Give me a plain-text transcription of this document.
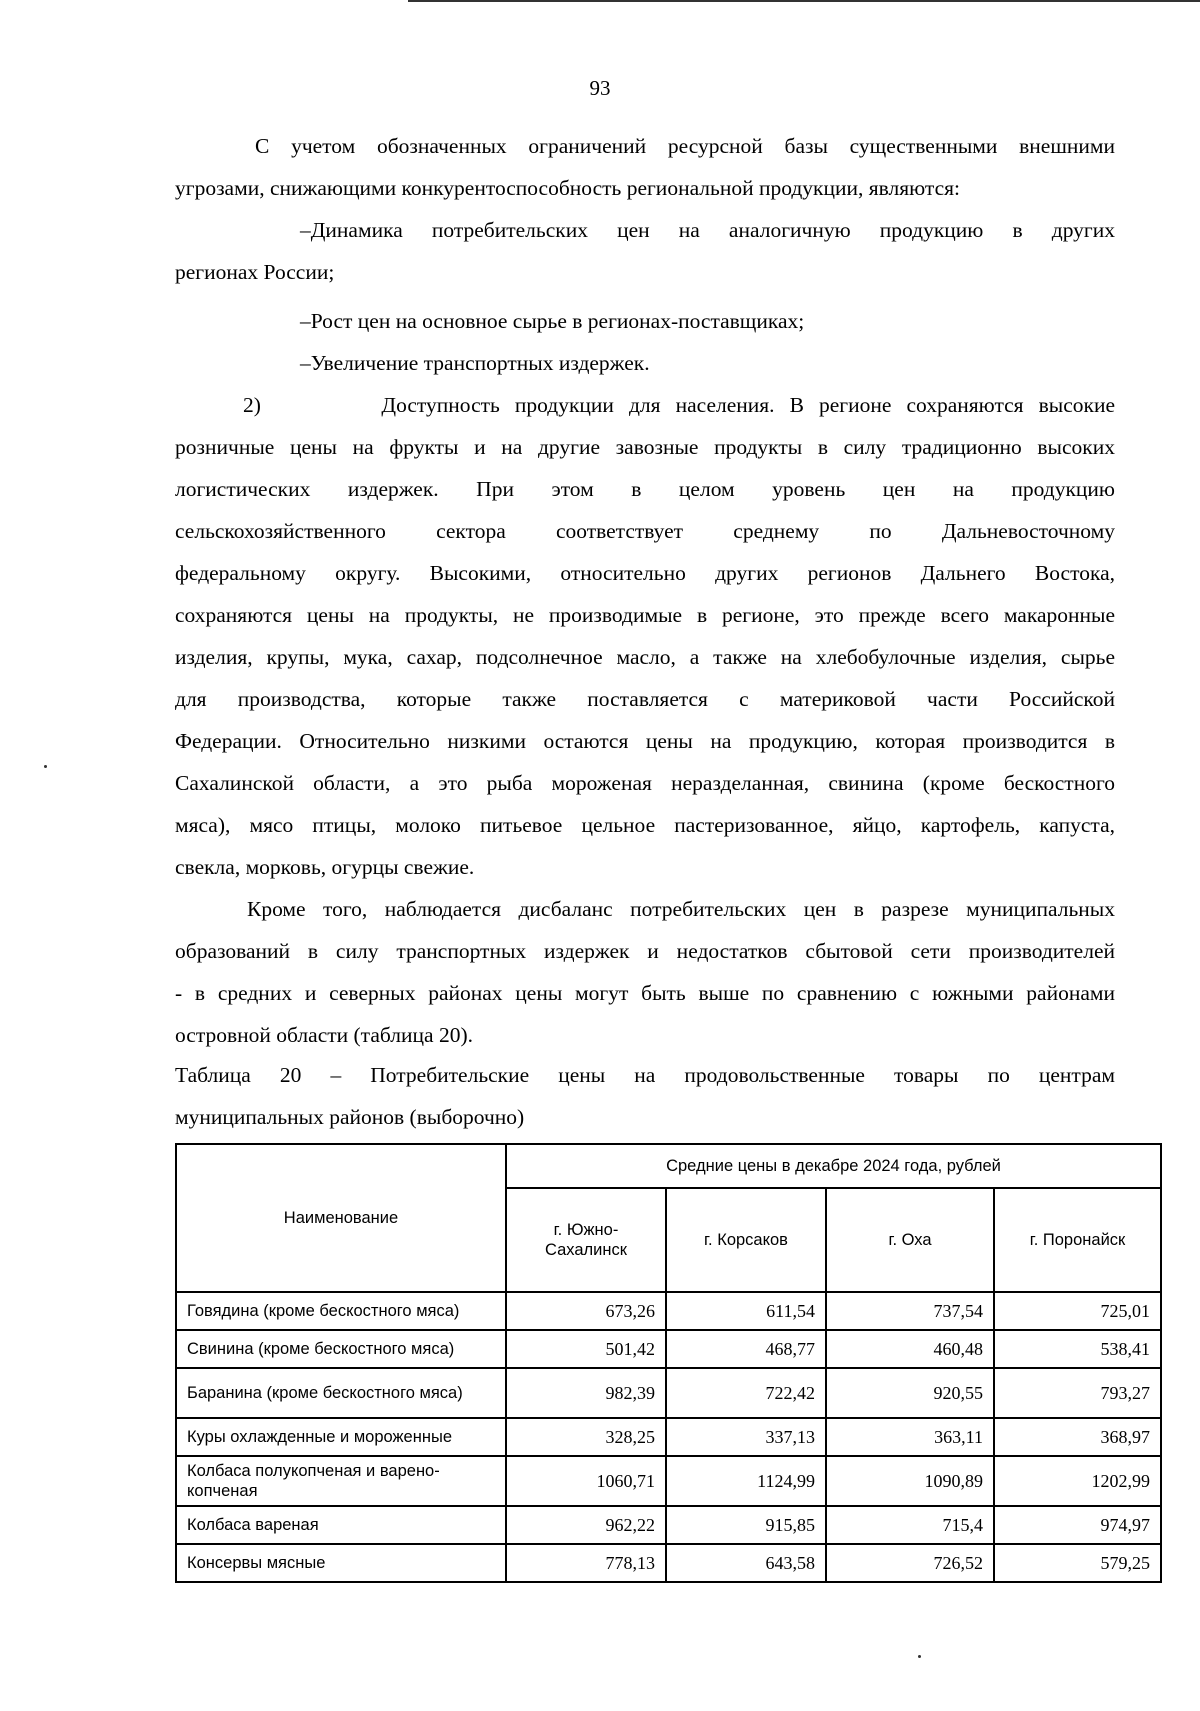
93
С учетом обозначенных ограничений ресурсной базы существенными внешними
угрозами, снижающими конкурентоспособность региональной продукции, являются:
–Динамика потребительских цен на аналогичную продукцию в других
регионах России;
–Рост цен на основное сырье в регионах-поставщиках;
–Увеличение транспортных издержек.
2)        Доступность продукции для населения. В регионе сохраняются высокие
розничные цены на фрукты и на другие завозные продукты в силу традиционно высоких
логистических издержек. При этом в целом уровень цен на продукцию
сельскохозяйственного сектора соответствует среднему по Дальневосточному
федеральному округу. Высокими, относительно других регионов Дальнего Востока,
сохраняются цены на продукты, не производимые в регионе, это прежде всего макаронные
изделия, крупы, мука, сахар, подсолнечное масло, а также на хлебобулочные изделия, сырье
для производства, которые также поставляется с материковой части Российской
Федерации. Относительно низкими остаются цены на продукцию, которая производится в
Сахалинской области, а это рыба мороженая неразделанная, свинина (кроме бескостного
мяса), мясо птицы, молоко питьевое цельное пастеризованное, яйцо, картофель, капуста,
свекла, морковь, огурцы свежие.
Кроме того, наблюдается дисбаланс потребительских цен в разрезе муниципальных
образований в силу транспортных издержек и недостатков сбытовой сети производителей
- в средних и северных районах цены могут быть выше по сравнению с южными районами
островной области (таблица 20).
Таблица 20 – Потребительские цены на продовольственные товары по центрам
муниципальных районов (выборочно)
Наименование	Средние цены в декабре 2024 года, рублей			
	г. Южно-Сахалинск	г. Корсаков	г. Оха	г. Поронайск
Говядина (кроме бескостного мяса)	673,26	611,54	737,54	725,01
Свинина (кроме бескостного мяса)	501,42	468,77	460,48	538,41
Баранина (кроме бескостного мяса)	982,39	722,42	920,55	793,27
Куры охлажденные и мороженные	328,25	337,13	363,11	368,97
Колбаса полукопченая и варено-копченая	1060,71	1124,99	1090,89	1202,99
Колбаса вареная	962,22	915,85	715,4	974,97
Консервы мясные	778,13	643,58	726,52	579,25
